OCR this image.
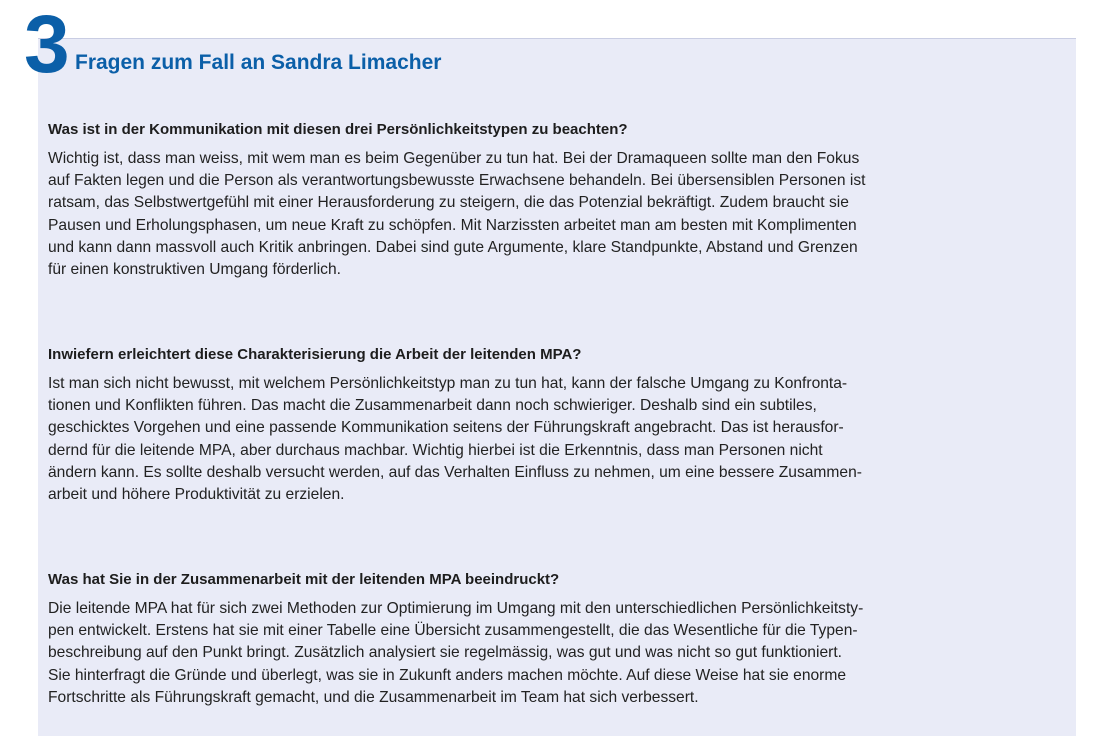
3 Fragen zum Fall an Sandra Limacher
Was ist in der Kommunikation mit diesen drei Persönlichkeitstypen zu beachten?

Wichtig ist, dass man weiss, mit wem man es beim Gegenüber zu tun hat. Bei der Dramaqueen sollte man den Fokus
auf Fakten legen und die Person als verantwortungsbewusste Erwachsene behandeln. Bei übersensiblen Personen ist
ratsam, das Selbstwertgefühl mit einer Herausforderung zu steigern, die das Potenzial bekräftigt. Zudem braucht sie
Pausen und Erholungsphasen, um neue Kraft zu schöpfen. Mit Narzissten arbeitet man am besten mit Komplimenten
und kann dann massvoll auch Kritik anbringen. Dabei sind gute Argumente, klare Standpunkte, Abstand und Grenzen
für einen konstruktiven Umgang förderlich.

Inwiefern erleichtert diese Charakterisierung die Arbeit der leitenden MPA?

Ist man sich nicht bewusst, mit welchem Persönlichkeitstyp man zu tun hat, kann der falsche Umgang zu Konfronta-
tionen und Konflikten führen. Das macht die Zusammenarbeit dann noch schwieriger. Deshalb sind ein subtiles,
geschicktes Vorgehen und eine passende Kommunikation seitens der Führungskraft angebracht. Das ist herausfor-
dernd für die leitende MPA, aber durchaus machbar. Wichtig hierbei ist die Erkenntnis, dass man Personen nicht
ändern kann. Es sollte deshalb versucht werden, auf das Verhalten Einfluss zu nehmen, um eine bessere Zusammen-
arbeit und höhere Produktivität zu erzielen.

Was hat Sie in der Zusammenarbeit mit der leitenden MPA beeindruckt?

Die leitende MPA hat für sich zwei Methoden zur Optimierung im Umgang mit den unterschiedlichen Persönlichkeitsty-
pen entwickelt. Erstens hat sie mit einer Tabelle eine Übersicht zusammengestellt, die das Wesentliche für die Typen-
beschreibung auf den Punkt bringt. Zusätzlich analysiert sie regelmässig, was gut und was nicht so gut funktioniert.
Sie hinterfragt die Gründe und überlegt, was sie in Zukunft anders machen möchte. Auf diese Weise hat sie enorme
Fortschritte als Führungskraft gemacht, und die Zusammenarbeit im Team hat sich verbessert.
